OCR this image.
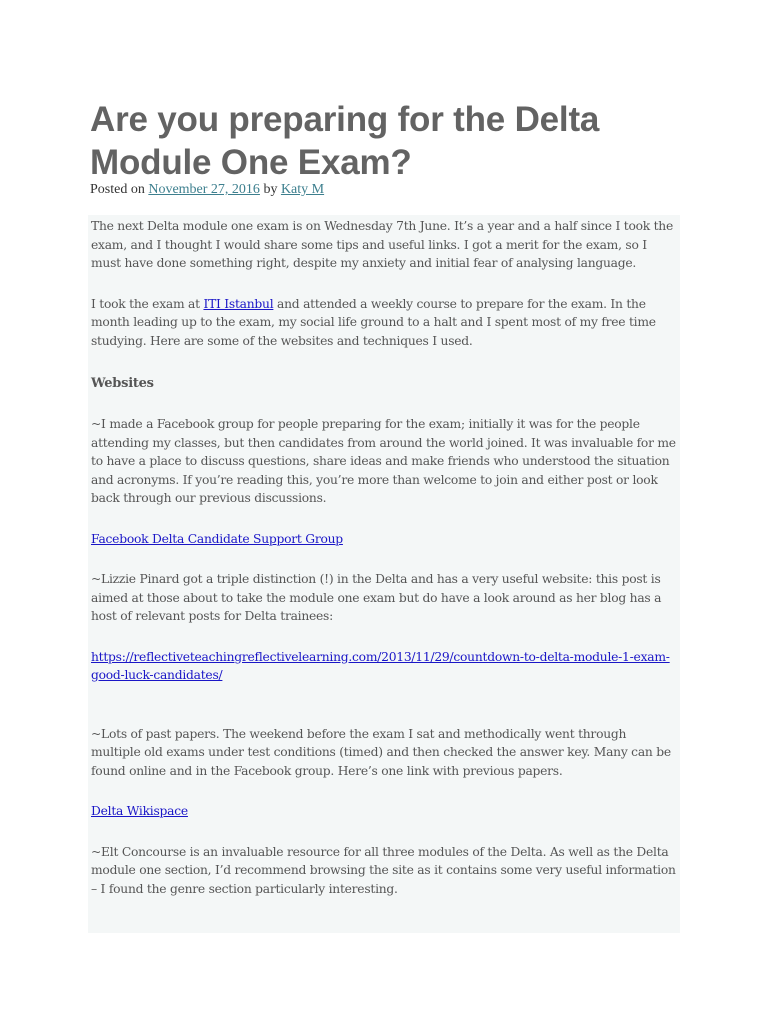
Are you preparing for the Delta Module One Exam?
Posted on November 27, 2016 by Katy M

The next Delta module one exam is on Wednesday 7th June. It’s a year and a half since I took the exam, and I thought I would share some tips and useful links. I got a merit for the exam, so I must have done something right, despite my anxiety and initial fear of analysing language.

I took the exam at ITI Istanbul and attended a weekly course to prepare for the exam. In the month leading up to the exam, my social life ground to a halt and I spent most of my free time studying. Here are some of the websites and techniques I used.

Websites

~I made a Facebook group for people preparing for the exam; initially it was for the people attending my classes, but then candidates from around the world joined. It was invaluable for me to have a place to discuss questions, share ideas and make friends who understood the situation and acronyms. If you’re reading this, you’re more than welcome to join and either post or look back through our previous discussions.

Facebook Delta Candidate Support Group

~Lizzie Pinard got a triple distinction (!) in the Delta and has a very useful website: this post is aimed at those about to take the module one exam but do have a look around as her blog has a host of relevant posts for Delta trainees:

https://reflectiveteachingreflectivelearning.com/2013/11/29/countdown-to-delta-module-1-exam-good-luck-candidates/

~Lots of past papers. The weekend before the exam I sat and methodically went through multiple old exams under test conditions (timed) and then checked the answer key. Many can be found online and in the Facebook group. Here’s one link with previous papers.

Delta Wikispace

~Elt Concourse is an invaluable resource for all three modules of the Delta. As well as the Delta module one section, I’d recommend browsing the site as it contains some very useful information – I found the genre section particularly interesting.
